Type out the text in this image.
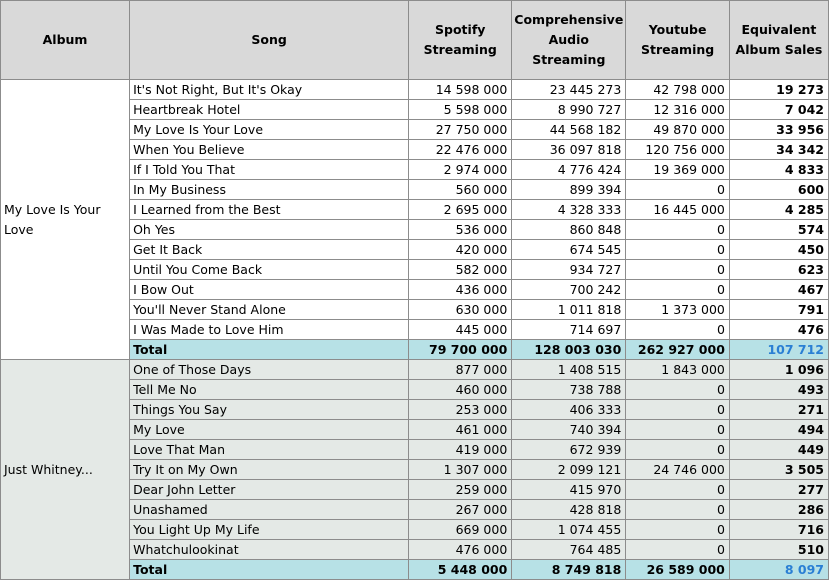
Album	Song	Spotify Streaming	Comprehensive Audio Streaming	Youtube Streaming	Equivalent Album Sales
My Love Is Your Love	It's Not Right, But It's Okay	14 598 000	23 445 273	42 798 000	19 273
	Heartbreak Hotel	5 598 000	8 990 727	12 316 000	7 042
	My Love Is Your Love	27 750 000	44 568 182	49 870 000	33 956
	When You Believe	22 476 000	36 097 818	120 756 000	34 342
	If I Told You That	2 974 000	4 776 424	19 369 000	4 833
	In My Business	560 000	899 394	0	600
	I Learned from the Best	2 695 000	4 328 333	16 445 000	4 285
	Oh Yes	536 000	860 848	0	574
	Get It Back	420 000	674 545	0	450
	Until You Come Back	582 000	934 727	0	623
	I Bow Out	436 000	700 242	0	467
	You'll Never Stand Alone	630 000	1 011 818	1 373 000	791
	I Was Made to Love Him	445 000	714 697	0	476
	Total	79 700 000	128 003 030	262 927 000	107 712
Just Whitney...	One of Those Days	877 000	1 408 515	1 843 000	1 096
	Tell Me No	460 000	738 788	0	493
	Things You Say	253 000	406 333	0	271
	My Love	461 000	740 394	0	494
	Love That Man	419 000	672 939	0	449
	Try It on My Own	1 307 000	2 099 121	24 746 000	3 505
	Dear John Letter	259 000	415 970	0	277
	Unashamed	267 000	428 818	0	286
	You Light Up My Life	669 000	1 074 455	0	716
	Whatchulookinat	476 000	764 485	0	510
	Total	5 448 000	8 749 818	26 589 000	8 097
